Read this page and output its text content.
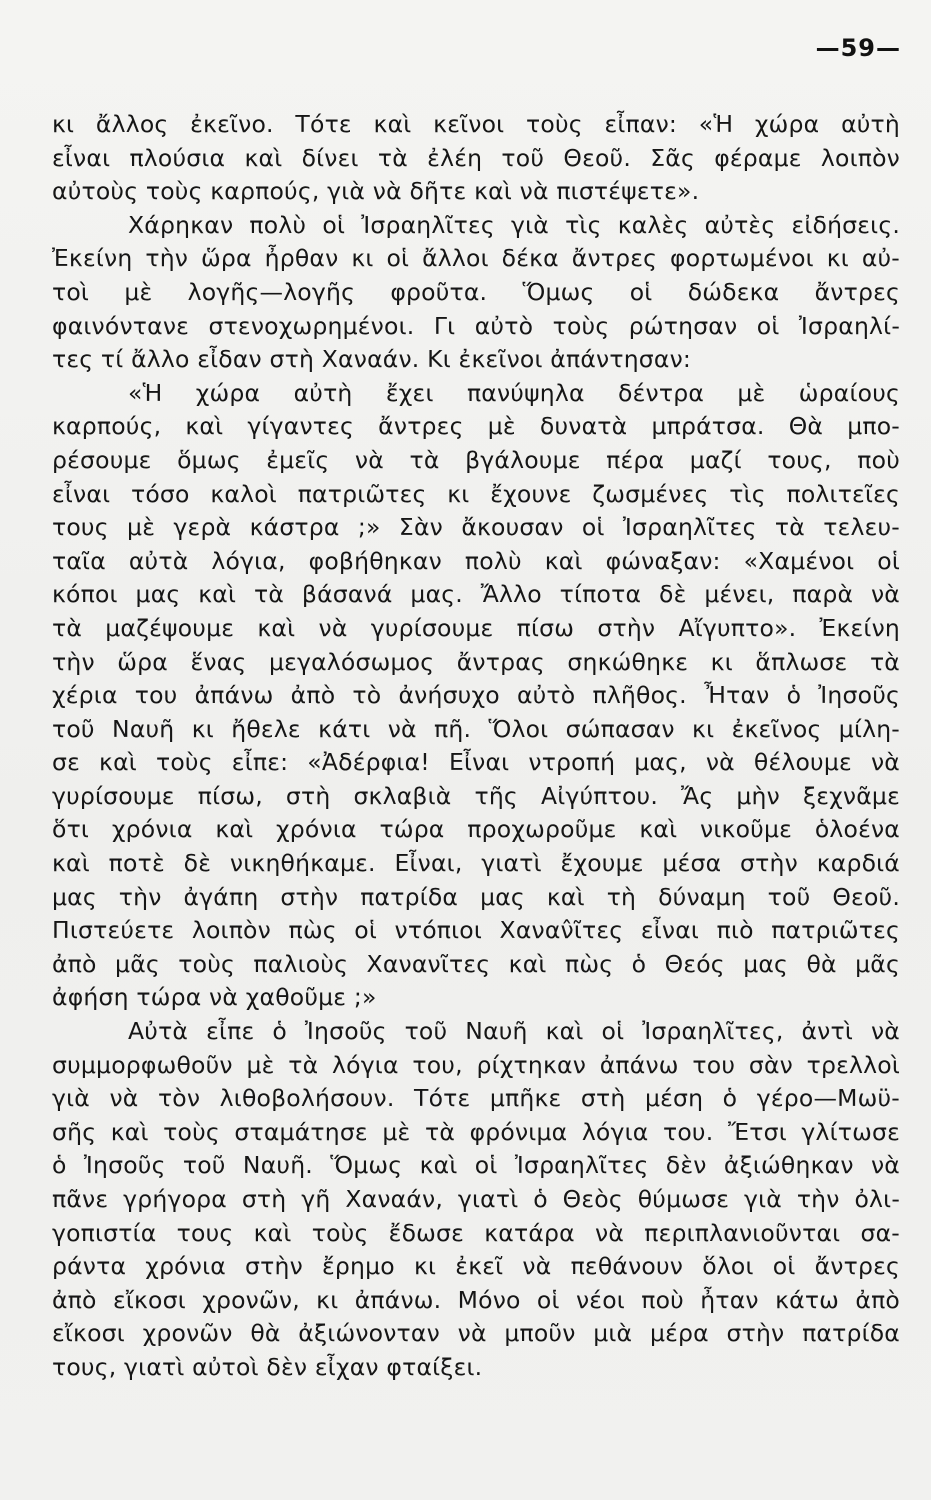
—59—
κι ἄλλος ἐκεῖνο. Τότε καὶ κεῖνοι τοὺς εἶπαν: «Ἡ χώρα αὐτὴ
εἶναι πλούσια καὶ δίνει τὰ ἐλέη τοῦ Θεοῦ. Σᾶς φέραμε λοιπὸν
αὐτοὺς τοὺς καρπούς, γιὰ νὰ δῆτε καὶ νὰ πιστέψετε».
Χάρηκαν πολὺ οἱ Ἰσραηλῖτες γιὰ τὶς καλὲς αὐτὲς εἰδήσεις.
Ἐκείνη τὴν ὥρα ἦρθαν κι οἱ ἄλλοι δέκα ἄντρες φορτωμένοι κι αὐ-
τοὶ μὲ λογῆς—λογῆς φροῦτα. Ὅμως οἱ δώδεκα ἄντρες
φαινόντανε στενοχωρημένοι. Γι αὐτὸ τοὺς ρώτησαν οἱ Ἰσραηλί-
τες τί ἄλλο εἶδαν στὴ Χαναάν. Κι ἐκεῖνοι ἀπάντησαν:
«Ἡ χώρα αὐτὴ ἔχει πανύψηλα δέντρα μὲ ὡραίους
καρπούς, καὶ γίγαντες ἄντρες μὲ δυνατὰ μπράτσα. Θὰ μπο-
ρέσουμε ὅμως ἐμεῖς νὰ τὰ βγάλουμε πέρα μαζί τους, ποὺ
εἶναι τόσο καλοὶ πατριῶτες κι ἔχουνε ζωσμένες τὶς πολιτεῖες
τους μὲ γερὰ κάστρα ;» Σὰν ἄκουσαν οἱ Ἰσραηλῖτες τὰ τελευ-
ταῖα αὐτὰ λόγια, φοβήθηκαν πολὺ καὶ φώναξαν: «Χαμένοι οἱ
κόποι μας καὶ τὰ βάσανά μας. Ἄλλο τίποτα δὲ μένει, παρὰ νὰ
τὰ μαζέψουμε καὶ νὰ γυρίσουμε πίσω στὴν Αἴγυπτο». Ἐκείνη
τὴν ὥρα ἕνας μεγαλόσωμος ἄντρας σηκώθηκε κι ἅπλωσε τὰ
χέρια του ἀπάνω ἀπὸ τὸ ἀνήσυχο αὐτὸ πλῆθος. Ἦταν ὁ Ἰησοῦς
τοῦ Ναυῆ κι ἤθελε κάτι νὰ πῆ. Ὅλοι σώπασαν κι ἐκεῖνος μίλη-
σε καὶ τοὺς εἶπε: «Ἀδέρφια! Εἶναι ντροπή μας, νὰ θέλουμε νὰ
γυρίσουμε πίσω, στὴ σκλαβιὰ τῆς Αἰγύπτου. Ἄς μὴν ξεχνᾶμε
ὅτι χρόνια καὶ χρόνια τώρα προχωροῦμε καὶ νικοῦμε ὁλοένα
καὶ ποτὲ δὲ νικηθήκαμε. Εἶναι, γιατὶ ἔχουμε μέσα στὴν καρδιά
μας τὴν ἀγάπη στὴν πατρίδα μας καὶ τὴ δύναμη τοῦ Θεοῦ.
Πιστεύετε λοιπὸν πὼς οἱ ντόπιοι Χαναν̂ῖτες εἶναι πιὸ πατριῶτες
ἀπὸ μᾶς τοὺς παλιοὺς Χανανῖτες καὶ πὼς ὁ Θεός μας θὰ μᾶς
ἀφήση τώρα νὰ χαθοῦμε ;»
Αὐτὰ εἶπε ὁ Ἰησοῦς τοῦ Ναυῆ καὶ οἱ Ἰσραηλῖτες, ἀντὶ νὰ
συμμορφωθοῦν μὲ τὰ λόγια του, ρίχτηκαν ἀπάνω του σὰν τρελλοὶ
γιὰ νὰ τὸν λιθοβολήσουν. Τότε μπῆκε στὴ μέση ὁ γέρο—Μωϋ-
σῆς καὶ τοὺς σταμάτησε μὲ τὰ φρόνιμα λόγια του. Ἔτσι γλίτωσε
ὁ Ἰησοῦς τοῦ Ναυῆ. Ὅμως καὶ οἱ Ἰσραηλῖτες δὲν ἀξιώθηκαν νὰ
πᾶνε γρήγορα στὴ γῆ Χαναάν, γιατὶ ὁ Θεὸς θύμωσε γιὰ τὴν ὀλι-
γοπιστία τους καὶ τοὺς ἔδωσε κατάρα νὰ περιπλανιοῦνται σα-
ράντα χρόνια στὴν ἔρημο κι ἐκεῖ νὰ πεθάνουν ὅλοι οἱ ἄντρες
ἀπὸ εἴκοσι χρονῶν, κι ἀπάνω. Μόνο οἱ νέοι ποὺ ἦταν κάτω ἀπὸ
εἴκοσι χρονῶν θὰ ἀξιώνονταν νὰ μποῦν μιὰ μέρα στὴν πατρίδα
τους, γιατὶ αὐτοὶ δὲν εἶχαν φταίξει.
